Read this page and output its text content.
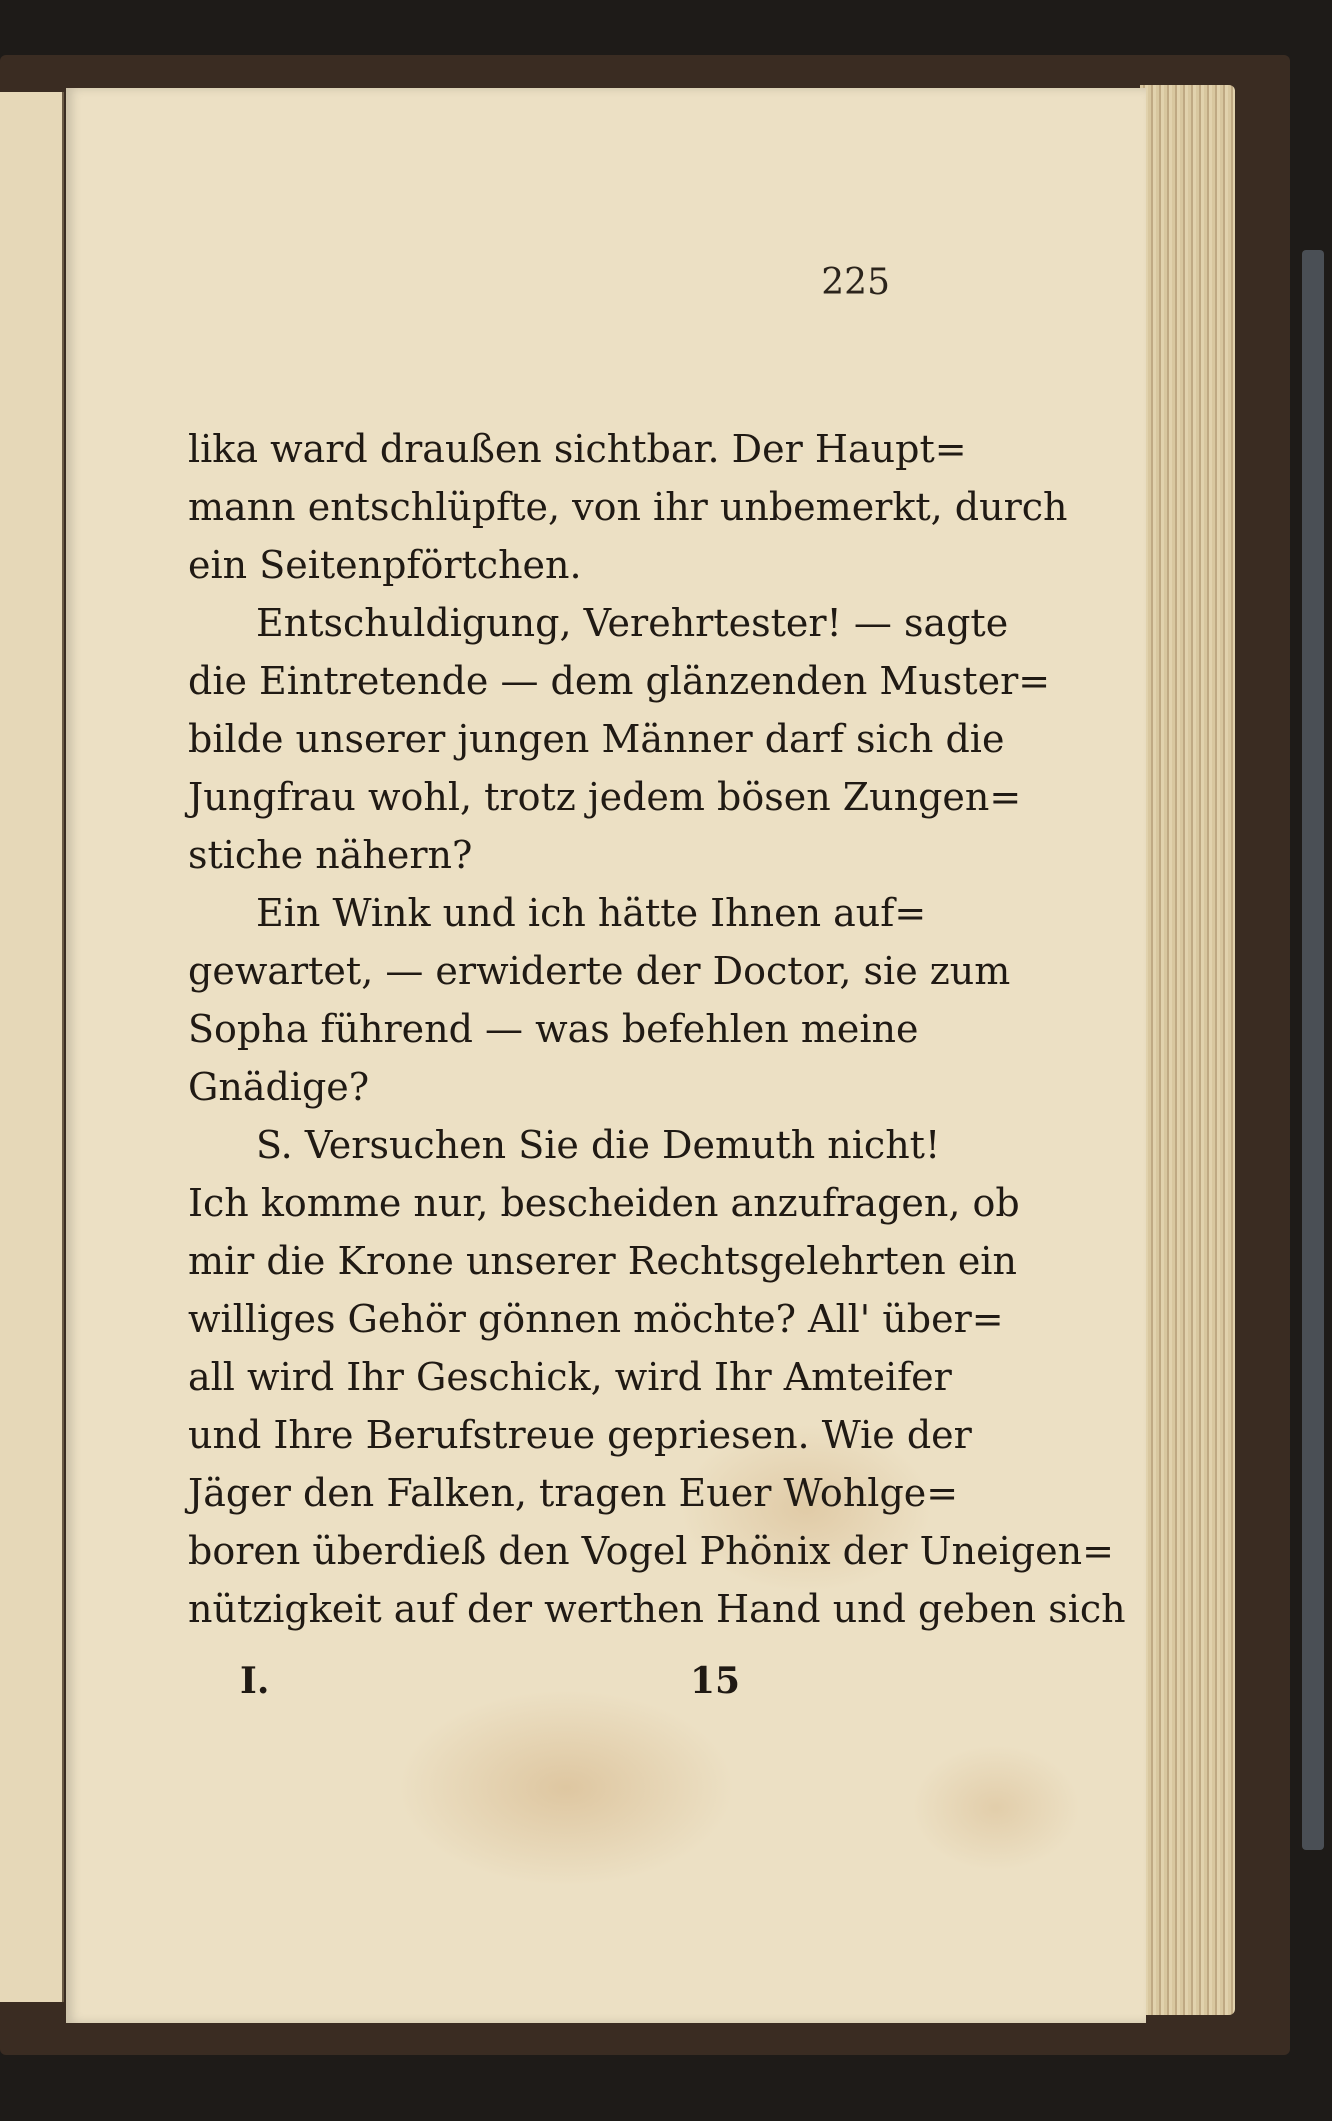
225
lika ward draußen sichtbar. Der Haupt=
mann entschlüpfte, von ihr unbemerkt, durch
ein Seitenpförtchen.
Entschuldigung, Verehrtester! — sagte
die Eintretende — dem glänzenden Muster=
bilde unserer jungen Männer darf sich die
Jungfrau wohl, trotz jedem bösen Zungen=
stiche nähern?
Ein Wink und ich hätte Ihnen auf=
gewartet, — erwiderte der Doctor, sie zum
Sopha führend — was befehlen meine
Gnädige?
S. Versuchen Sie die Demuth nicht!
Ich komme nur, bescheiden anzufragen, ob
mir die Krone unserer Rechtsgelehrten ein
williges Gehör gönnen möchte? All' über=
all wird Ihr Geschick, wird Ihr Amteifer
und Ihre Berufstreue gepriesen. Wie der
Jäger den Falken, tragen Euer Wohlge=
boren überdieß den Vogel Phönix der Uneigen=
nützigkeit auf der werthen Hand und geben sich
I.	15
